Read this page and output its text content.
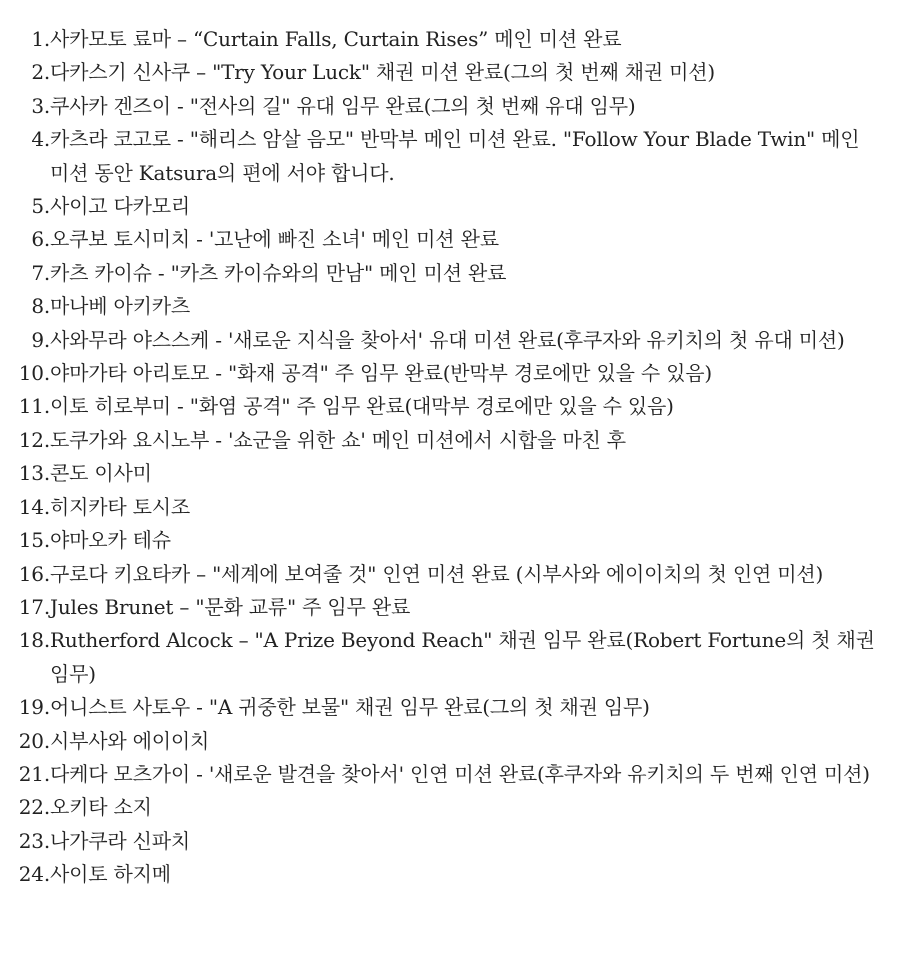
1. 사카모토 료마 – “Curtain Falls, Curtain Rises” 메인 미션 완료
2. 다카스기 신사쿠 – "Try Your Luck" 채권 미션 완료(그의 첫 번째 채권 미션)
3. 쿠사카 겐즈이 - "전사의 길" 유대 임무 완료(그의 첫 번째 유대 임무)
4. 카츠라 코고로 - "해리스 암살 음모" 반막부 메인 미션 완료. "Follow Your Blade Twin" 메인 미션 동안 Katsura의 편에 서야 합니다.
5. 사이고 다카모리
6. 오쿠보 토시미치 - '고난에 빠진 소녀' 메인 미션 완료
7. 카츠 카이슈 - "카츠 카이슈와의 만남" 메인 미션 완료
8. 마나베 아키카츠
9. 사와무라 야스스케 - '새로운 지식을 찾아서' 유대 미션 완료(후쿠자와 유키치의 첫 유대 미션)
10. 야마가타 아리토모 - "화재 공격" 주 임무 완료(반막부 경로에만 있을 수 있음)
11. 이토 히로부미 - "화염 공격" 주 임무 완료(대막부 경로에만 있을 수 있음)
12. 도쿠가와 요시노부 - '쇼군을 위한 쇼' 메인 미션에서 시합을 마친 후
13. 콘도 이사미
14. 히지카타 토시조
15. 야마오카 테슈
16. 구로다 키요타카 – "세계에 보여줄 것" 인연 미션 완료 (시부사와 에이이치의 첫 인연 미션)
17. Jules Brunet – "문화 교류" 주 임무 완료
18. Rutherford Alcock – "A Prize Beyond Reach" 채권 임무 완료(Robert Fortune의 첫 채권 임무)
19. 어니스트 사토우 - "A 귀중한 보물" 채권 임무 완료(그의 첫 채권 임무)
20. 시부사와 에이이치
21. 다케다 모츠가이 - '새로운 발견을 찾아서' 인연 미션 완료(후쿠자와 유키치의 두 번째 인연 미션)
22. 오키타 소지
23. 나가쿠라 신파치
24. 사이토 하지메
